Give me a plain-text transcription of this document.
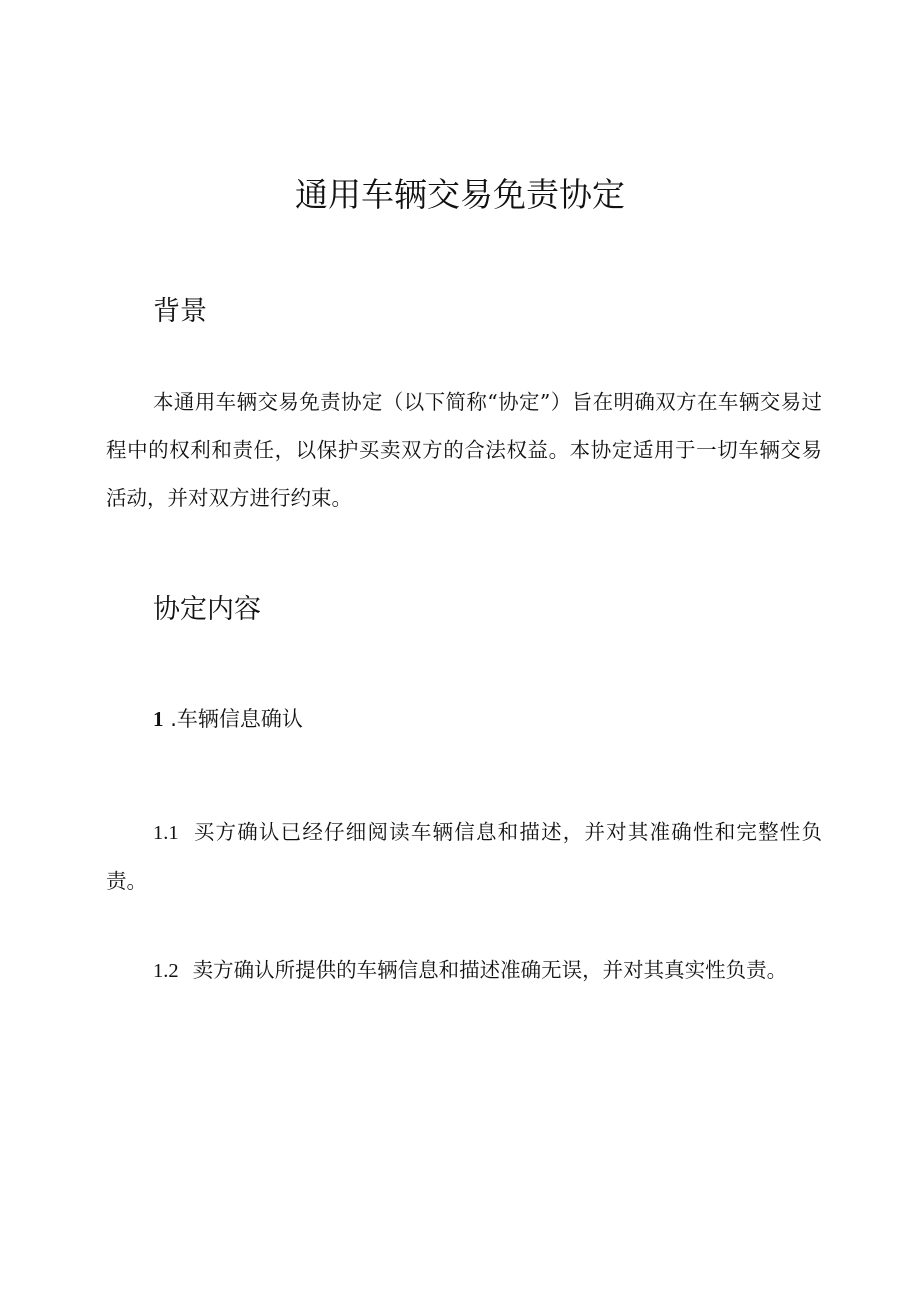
通用车辆交易免责协定
背景

本通用车辆交易免责协定（以下简称“协定”）旨在明确双方在车辆交易过程中的权利和责任，以保护买卖双方的合法权益。本协定适用于一切车辆交易活动，并对双方进行约束。

协定内容
1 .车辆信息确认

1.1 买方确认已经仔细阅读车辆信息和描述，并对其准确性和完整性负责。

1.2 卖方确认所提供的车辆信息和描述准确无误，并对其真实性负责。
